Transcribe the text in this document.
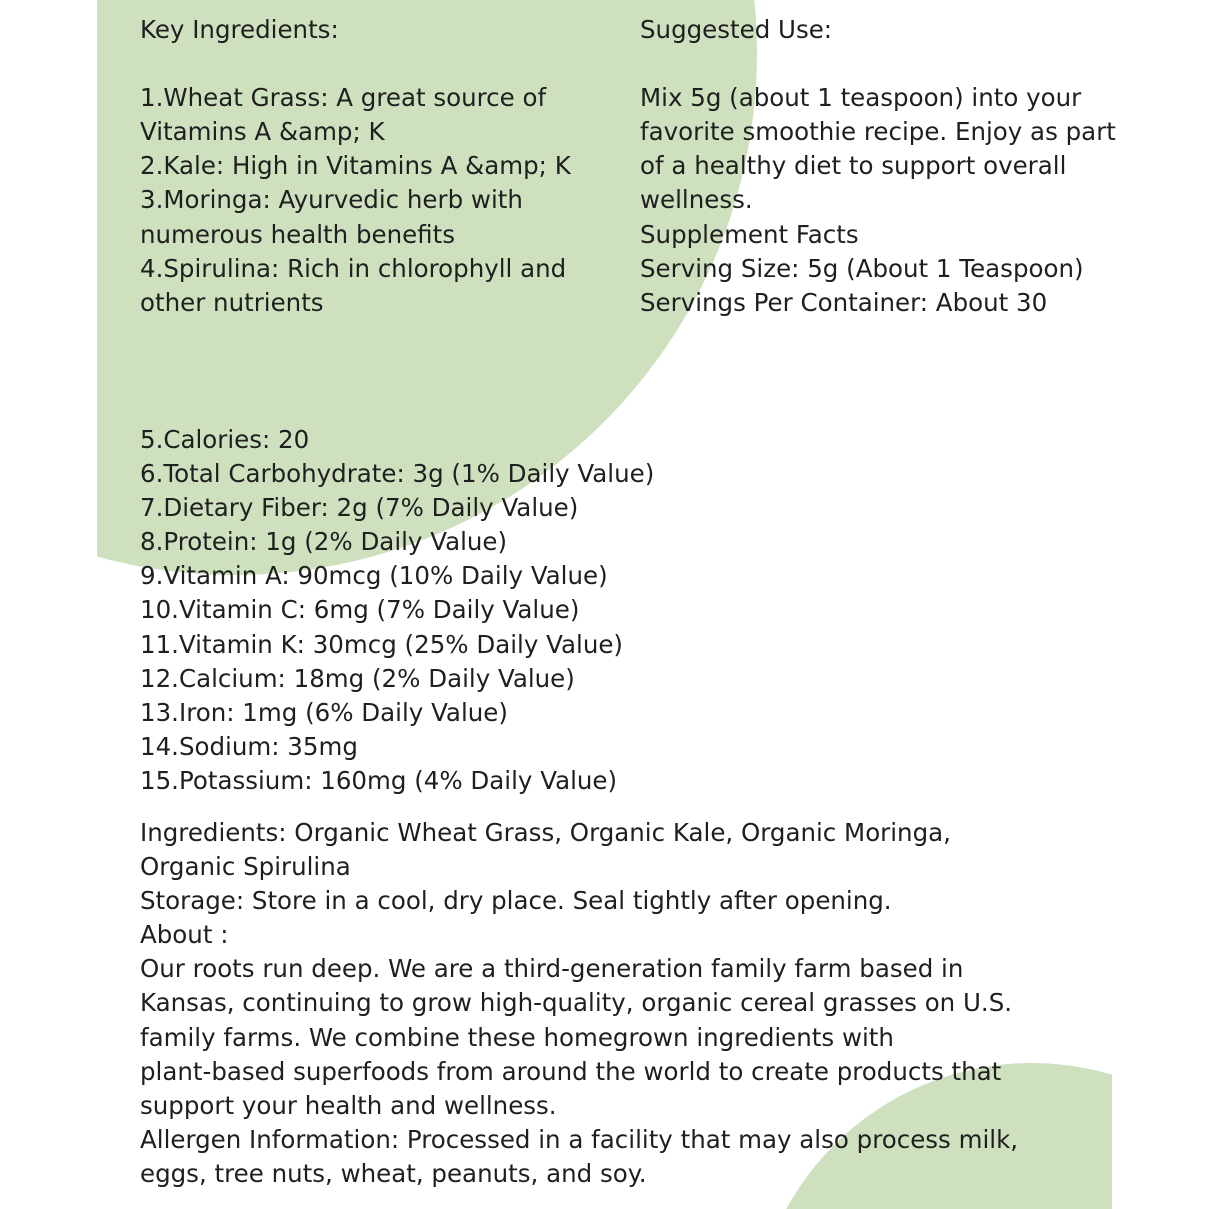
Key Ingredients:
1.Wheat Grass: A great source of
Vitamins A &amp; K
2.Kale: High in Vitamins A &amp; K
3.Moringa: Ayurvedic herb with
numerous health benefits
4.Spirulina: Rich in chlorophyll and
other nutrients
Suggested Use:
Mix 5g (about 1 teaspoon) into your
favorite smoothie recipe. Enjoy as part
of a healthy diet to support overall
wellness.
Supplement Facts
Serving Size: 5g (About 1 Teaspoon)
Servings Per Container: About 30
5.Calories: 20
6.Total Carbohydrate: 3g (1% Daily Value)
7.Dietary Fiber: 2g (7% Daily Value)
8.Protein: 1g (2% Daily Value)
9.Vitamin A: 90mcg (10% Daily Value)
10.Vitamin C: 6mg (7% Daily Value)
11.Vitamin K: 30mcg (25% Daily Value)
12.Calcium: 18mg (2% Daily Value)
13.Iron: 1mg (6% Daily Value)
14.Sodium: 35mg
15.Potassium: 160mg (4% Daily Value)
Ingredients: Organic Wheat Grass, Organic Kale, Organic Moringa,
Organic Spirulina
Storage: Store in a cool, dry place. Seal tightly after opening.
About :
Our roots run deep. We are a third-generation family farm based in
Kansas, continuing to grow high-quality, organic cereal grasses on U.S.
family farms. We combine these homegrown ingredients with
plant-based superfoods from around the world to create products that
support your health and wellness.
Allergen Information: Processed in a facility that may also process milk,
eggs, tree nuts, wheat, peanuts, and soy.
